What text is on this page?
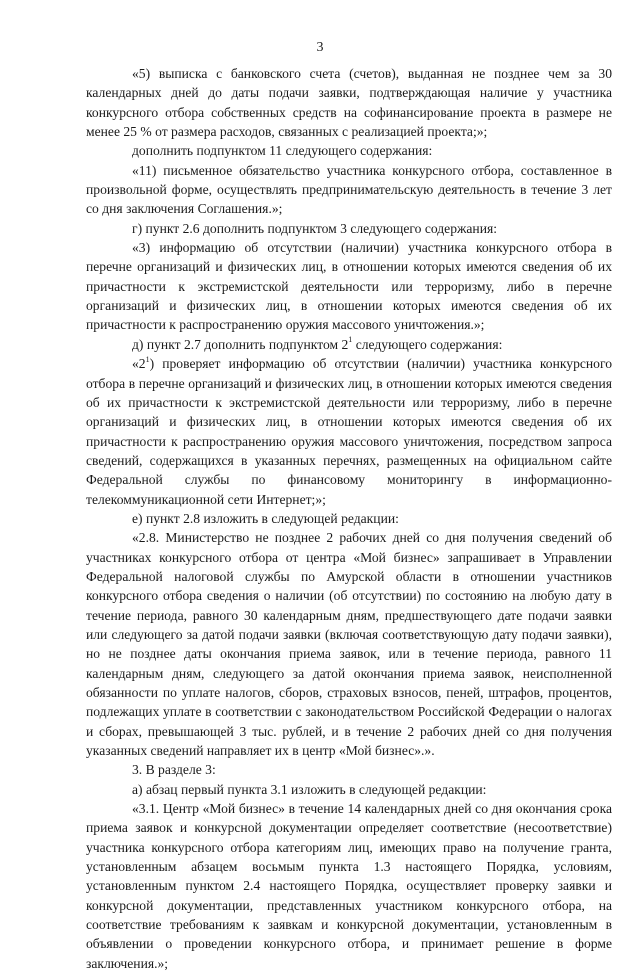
3

«5) выписка с банковского счета (счетов), выданная не позднее чем за 30 календарных дней до даты подачи заявки, подтверждающая наличие у участника конкурсного отбора собственных средств на софинансирование проекта в размере не менее 25 % от размера расходов, связанных с реализацией проекта;»;

дополнить подпунктом 11 следующего содержания:

«11) письменное обязательство участника конкурсного отбора, составленное в произвольной форме, осуществлять предпринимательскую деятельность в течение 3 лет со дня заключения Соглашения.»;

г) пункт 2.6 дополнить подпунктом 3 следующего содержания:

«3) информацию об отсутствии (наличии) участника конкурсного отбора в перечне организаций и физических лиц, в отношении которых имеются сведения об их причастности к экстремистской деятельности или терроризму, либо в перечне организаций и физических лиц, в отношении которых имеются сведения об их причастности к распространению оружия массового уничтожения.»;

д) пункт 2.7 дополнить подпунктом $2^1$ следующего содержания:

«$2^1$) проверяет информацию об отсутствии (наличии) участника конкурсного отбора в перечне организаций и физических лиц, в отношении которых имеются сведения об их причастности к экстремистской деятельности или терроризму, либо в перечне организаций и физических лиц, в отношении которых имеются сведения об их причастности к распространению оружия массового уничтожения, посредством запроса сведений, содержащихся в указанных перечнях, размещенных на официальном сайте Федеральной службы по финансовому мониторингу в информационно-телекоммуникационной сети Интернет;»;

е) пункт 2.8 изложить в следующей редакции:

«2.8. Министерство не позднее 2 рабочих дней со дня получения сведений об участниках конкурсного отбора от центра «Мой бизнес» запрашивает в Управлении Федеральной налоговой службы по Амурской области в отношении участников конкурсного отбора сведения о наличии (об отсутствии) по состоянию на любую дату в течение периода, равного 30 календарным дням, предшествующего дате подачи заявки или следующего за датой подачи заявки (включая соответствующую дату подачи заявки), но не позднее даты окончания приема заявок, или в течение периода, равного 11 календарным дням, следующего за датой окончания приема заявок, неисполненной обязанности по уплате налогов, сборов, страховых взносов, пеней, штрафов, процентов, подлежащих уплате в соответствии с законодательством Российской Федерации о налогах и сборах, превышающей 3 тыс. рублей, и в течение 2 рабочих дней со дня получения указанных сведений направляет их в центр «Мой бизнес».».

3. В разделе 3:

а) абзац первый пункта 3.1 изложить в следующей редакции:

«3.1. Центр «Мой бизнес» в течение 14 календарных дней со дня окончания срока приема заявок и конкурсной документации определяет соответствие (несоответствие) участника конкурсного отбора категориям лиц, имеющих право на получение гранта, установленным абзацем восьмым пункта 1.3 настоящего Порядка, условиям, установленным пунктом 2.4 настоящего Порядка, осуществляет проверку заявки и конкурсной документации, представленных участником конкурсного отбора, на соответствие требованиям к заявкам и конкурсной документации, установленным в объявлении о проведении конкурсного отбора, и принимает решение в форме заключения.»;
